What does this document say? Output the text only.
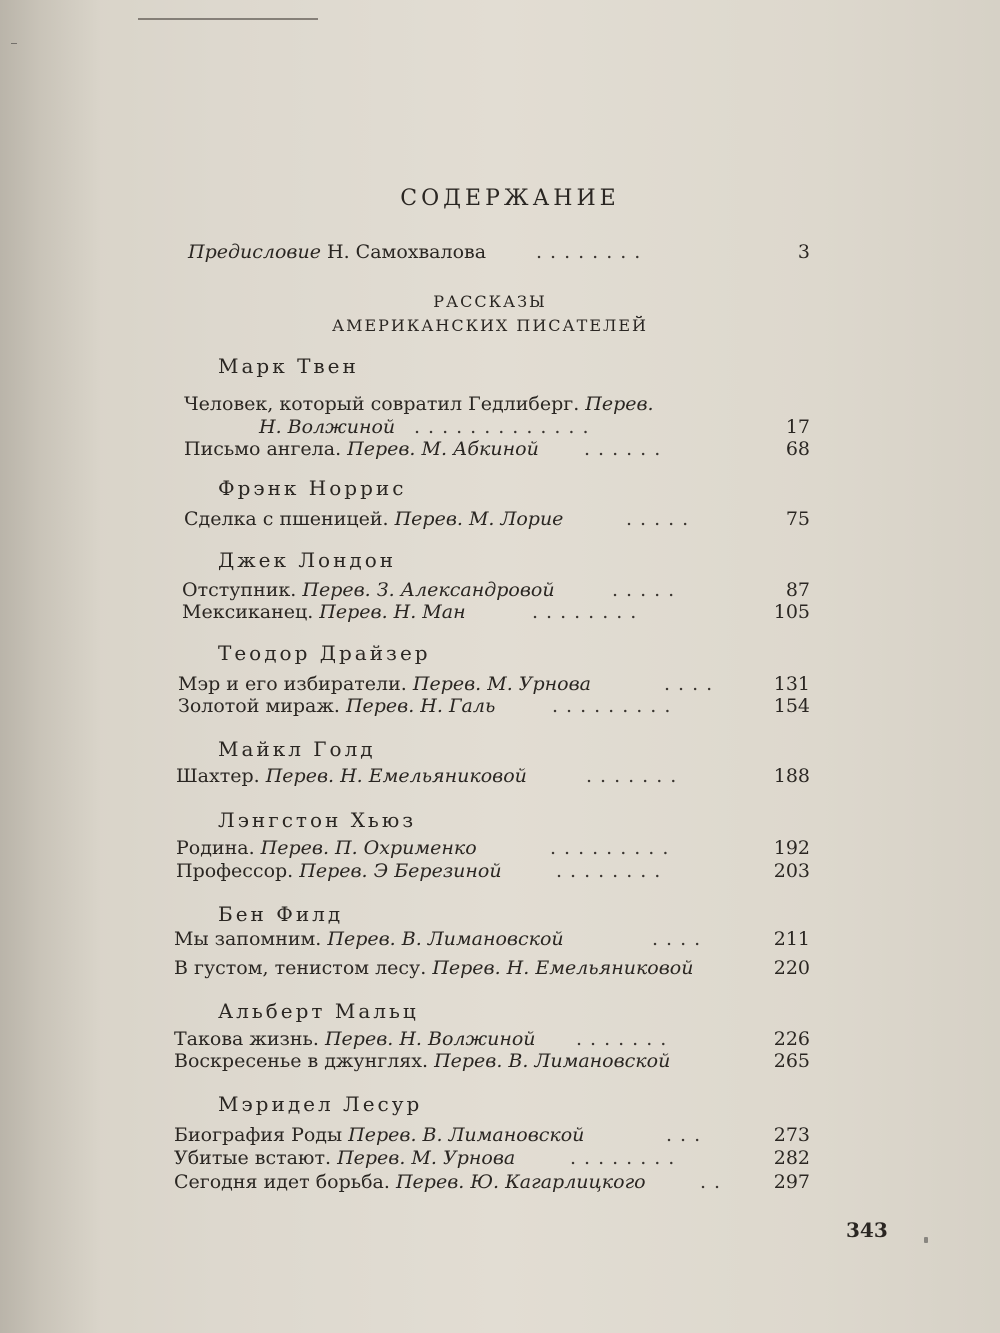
СОДЕРЖАНИЕ
Предисловие Н. Самохвалова	........	3
РАССКАЗЫ
АМЕРИКАНСКИХ ПИСАТЕЛЕЙ
Марк Твен
Человек, который совратил Гедлиберг. Перев.
Н. Волжиной .............	17
Письмо ангела. Перев. М. Абкиной ......	68
Фрэнк Норрис
Сделка с пшеницей. Перев. М. Лорие	.....	75
Джек Лондон
Отступник. Перев. З. Александровой	.....	87
Мексиканец. Перев. Н. Ман	........	105
Теодор Драйзер
Мэр и его избиратели. Перев. М. Урнова	....	131
Золотой мираж. Перев. Н. Галь	.........	154
Майкл Голд
Шахтер. Перев. Н. Емельяниковой	.......	188
Лэнгстон Хьюз
Родина. Перев. П. Охрименко	.........	192
Профессор. Перев. Э Березиной	........	203
Бен Филд
Мы запомним. Перев. В. Лимановской	....	211
В густом, тенистом лесу. Перев. Н. Емельяниковой	220
Альберт Мальц
Такова жизнь. Перев. Н. Волжиной .......	226
Воскресенье в джунглях. Перев. В. Лимановской	265
Мэридел Лесур
Биография Роды Перев. В. Лимановской	...	273
Убитые встают. Перев. М. Урнова	........	282
Сегодня идет борьба. Перев. Ю. Кагарлицкого	.. 297
343
